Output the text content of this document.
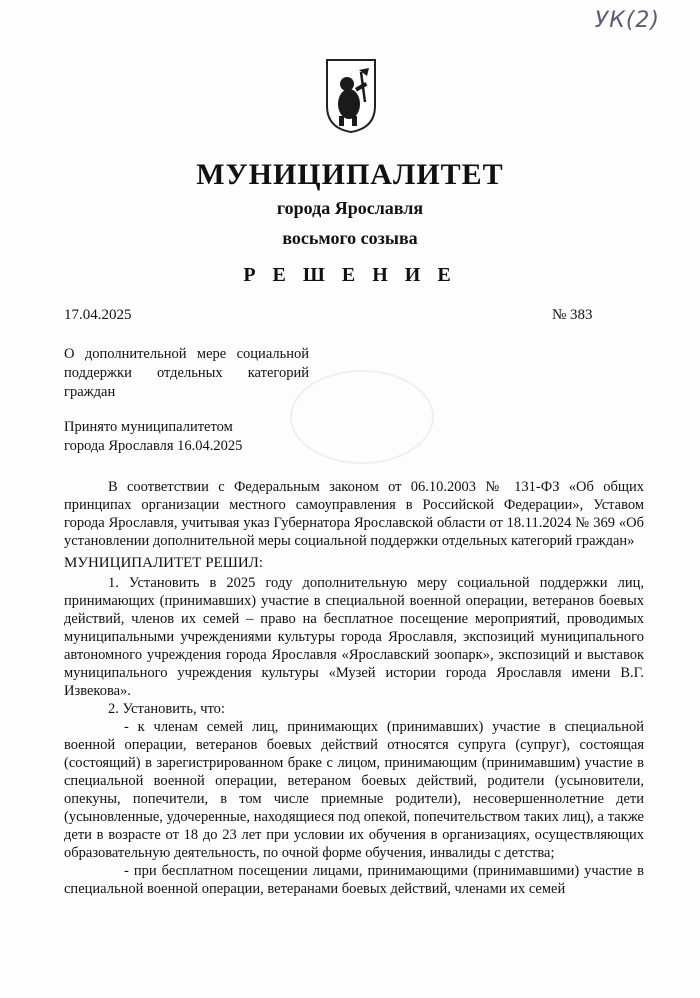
УК(2)
МУНИЦИПАЛИТЕТ
города Ярославля
восьмого созыва
Р Е Ш Е Н И Е
17.04.2025	№ 383
О дополнительной мере социальной поддержки отдельных категорий граждан
Принято муниципалитетом
города Ярославля 16.04.2025

В соответствии с Федеральным законом от 06.10.2003 № 131-ФЗ «Об общих принципах организации местного самоуправления в Российской Федерации», Уставом города Ярославля, учитывая указ Губернатора Ярославской области от 18.11.2024 № 369 «Об установлении дополнительной меры социальной поддержки отдельных категорий граждан»

МУНИЦИПАЛИТЕТ РЕШИЛ:

1. Установить в 2025 году дополнительную меру социальной поддержки лиц, принимающих (принимавших) участие в специальной военной операции, ветеранов боевых действий, членов их семей – право на бесплатное посещение мероприятий, проводимых муниципальными учреждениями культуры города Ярославля, экспозиций муниципального автономного учреждения города Ярославля «Ярославский зоопарк», экспозиций и выставок муниципального учреждения культуры «Музей истории города Ярославля имени В.Г. Извекова».

2. Установить, что:

- к членам семей лиц, принимающих (принимавших) участие в специальной военной операции, ветеранов боевых действий относятся супруга (супруг), состоящая (состоящий) в зарегистрированном браке с лицом, принимающим (принимавшим) участие в специальной военной операции, ветераном боевых действий, родители (усыновители, опекуны, попечители, в том числе приемные родители), несовершеннолетние дети (усыновленные, удочеренные, находящиеся под опекой, попечительством таких лиц), а также дети в возрасте от 18 до 23 лет при условии их обучения в организациях, осуществляющих образовательную деятельность, по очной форме обучения, инвалиды с детства;

- при бесплатном посещении лицами, принимающими (принимавшими) участие в специальной военной операции, ветеранами боевых действий, членами их семей
